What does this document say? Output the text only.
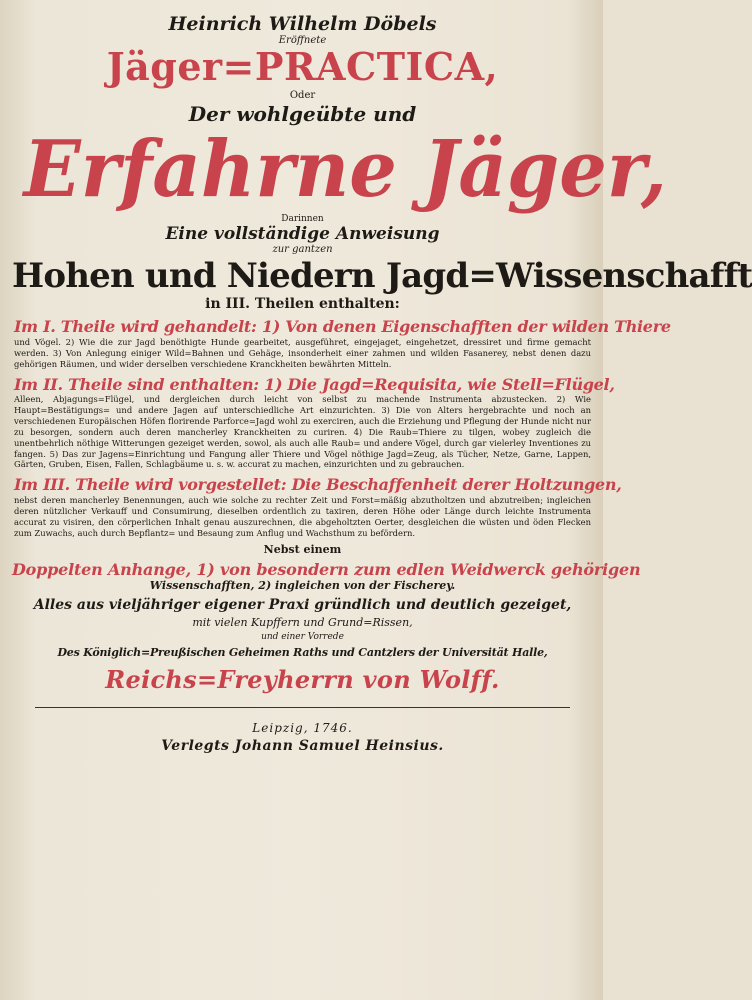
Heinrich Wilhelm Döbels

Eröffnete

Jäger=PRACTICA,

Oder

Der wohlgeübte und

Erfahrne Jäger,

Darinnen

Eine vollständige Anweisung

zur gantzen

Hohen und Niedern Jagd=Wissenschafft

in III. Theilen enthalten:

Im I. Theile wird gehandelt: 1) Von denen Eigenschafften der wilden Thiere
und Vögel. 2) Wie die zur Jagd benöthigte Hunde gearbeitet, ausgeführet, eingejaget, eingehetzet, dressiret und firme gemacht werden. 3) Von Anlegung einiger Wild=Bahnen und Gehäge, insonderheit einer zahmen und wilden Fasanerey, nebst denen dazu gehörigen Räumen, und wider derselben verschiedene Kranckheiten bewährten Mitteln.
Im II. Theile sind enthalten: 1) Die Jagd=Requisita, wie Stell=Flügel,
Alleen, Abjagungs=Flügel, und dergleichen durch leicht von selbst zu machende Instrumenta abzustecken. 2) Wie Haupt=Bestätigungs= und andere Jagen auf unterschiedliche Art einzurichten. 3) Die von Alters hergebrachte und noch an verschiedenen Europäischen Höfen florirende Parforce=Jagd wohl zu exerciren, auch die Erziehung und Pflegung der Hunde nicht nur zu besorgen, sondern auch deren mancherley Kranckheiten zu curiren. 4) Die Raub=Thiere zu tilgen, wobey zugleich die unentbehrlich nöthige Witterungen gezeiget werden, sowol, als auch alle Raub= und andere Vögel, durch gar vielerley Inventiones zu fangen. 5) Das zur Jagens=Einrichtung und Fangung aller Thiere und Vögel nöthige Jagd=Zeug, als Tücher, Netze, Garne, Lappen, Gärten, Gruben, Eisen, Fallen, Schlagbäume u. s. w. accurat zu machen, einzurichten und zu gebrauchen.
Im III. Theile wird vorgestellet: Die Beschaffenheit derer Holtzungen,
nebst deren mancherley Benennungen, auch wie solche zu rechter Zeit und Forst=mäßig abzutholtzen und abzutreiben; ingleichen deren nützlicher Verkauff und Consumirung, dieselben ordentlich zu taxiren, deren Höhe oder Länge durch leichte Instrumenta accurat zu visiren, den cörperlichen Inhalt genau auszurechnen, die abgeholtzten Oerter, desgleichen die wüsten und öden Flecken zum Zuwachs, auch durch Bepflantz= und Besaung zum Anflug und Wachsthum zu befördern.

Nebst einem

Doppelten Anhange, 1) von besondern zum edlen Weidwerck gehörigen

Wissenschafften, 2) ingleichen von der Fischerey.

Alles aus vieljähriger eigener Praxi gründlich und deutlich gezeiget,

mit vielen Kupffern und Grund=Rissen,

und einer Vorrede

Des Königlich=Preußischen Geheimen Raths und Cantzlers der Universität Halle,

Reichs=Freyherrn von Wolff.

Leipzig, 1746.

Verlegts Johann Samuel Heinsius.
